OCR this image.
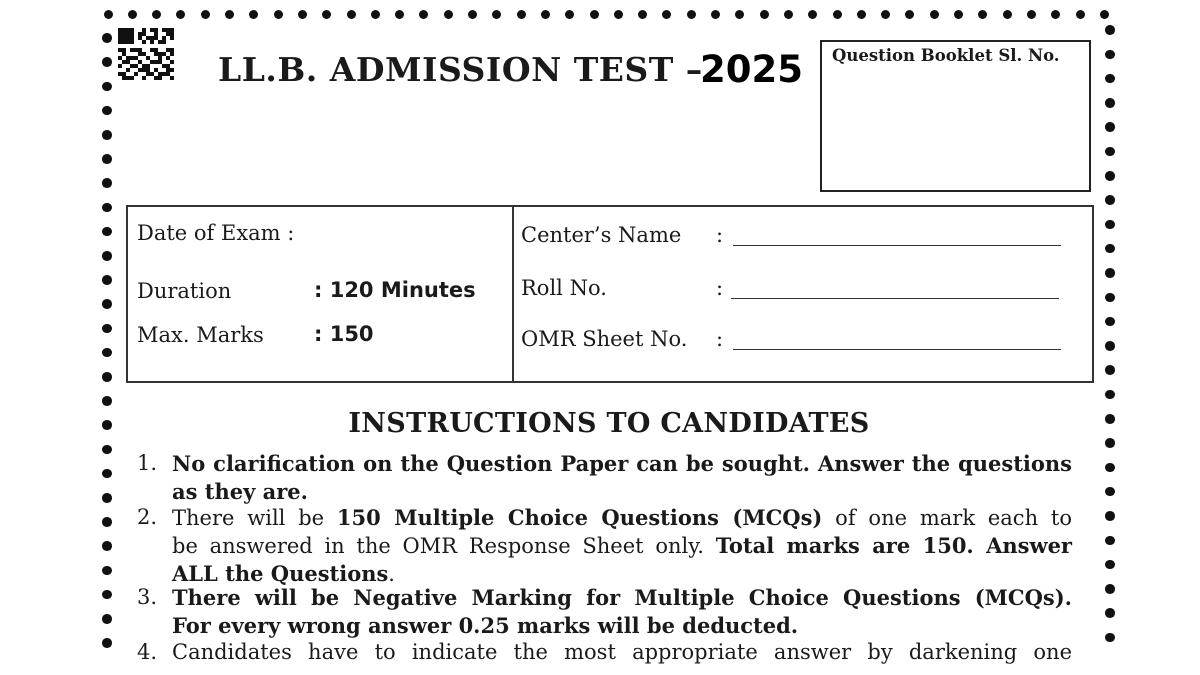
LL.B. ADMISSION TEST –
2025 Question Booklet Sl. No.
Date of Exam :
Duration	: 120 Minutes
Max. Marks : 150
Center’s Name :
Roll No.	:
OMR Sheet No. :
INSTRUCTIONS TO CANDIDATES
1. No clarification on the Question Paper can be sought. Answer the questions
as they are.
2. There will be 150 Multiple Choice Questions (MCQs) of one mark each to
be answered in the OMR Response Sheet only. Total marks are 150. Answer
ALL the Questions.
3. There will be Negative Marking for Multiple Choice Questions (MCQs).
For every wrong answer 0.25 marks will be deducted.
4. Candidates have to indicate the most appropriate answer by darkening one
